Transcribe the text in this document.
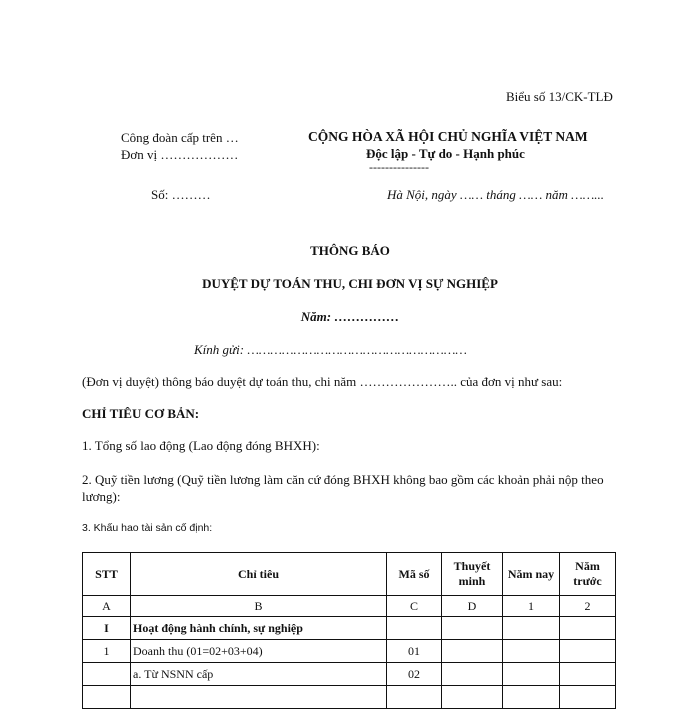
Biểu số 13/CK-TLĐ
Công đoàn cấp trên …
Đơn vị ………………
CỘNG HÒA XÃ HỘI CHỦ NGHĨA VIỆT NAM
Độc lập - Tự do - Hạnh phúc
---------------
Số: ………	Hà Nội, ngày …… tháng …… năm ……...
THÔNG BÁO
DUYỆT DỰ TOÁN THU, CHI ĐƠN VỊ SỰ NGHIỆP
Năm: ……………
Kính gửi: …………………………………………………
(Đơn vị duyệt) thông báo duyệt dự toán thu, chi năm ………………….. của đơn vị như sau:
CHỈ TIÊU CƠ BẢN:
1. Tổng số lao động (Lao động đóng BHXH):
2. Quỹ tiền lương (Quỹ tiền lương làm căn cứ đóng BHXH không bao gồm các khoản phải nộp theo lương):
3. Khấu hao tài sản cố định:
STT	Chỉ tiêu	Mã số	Thuyết minh	Năm nay	Năm trước
A	B	C	D	1	2
I	Hoạt động hành chính, sự nghiệp				
1	Doanh thu (01=02+03+04)	01			
	a. Từ NSNN cấp	02			
